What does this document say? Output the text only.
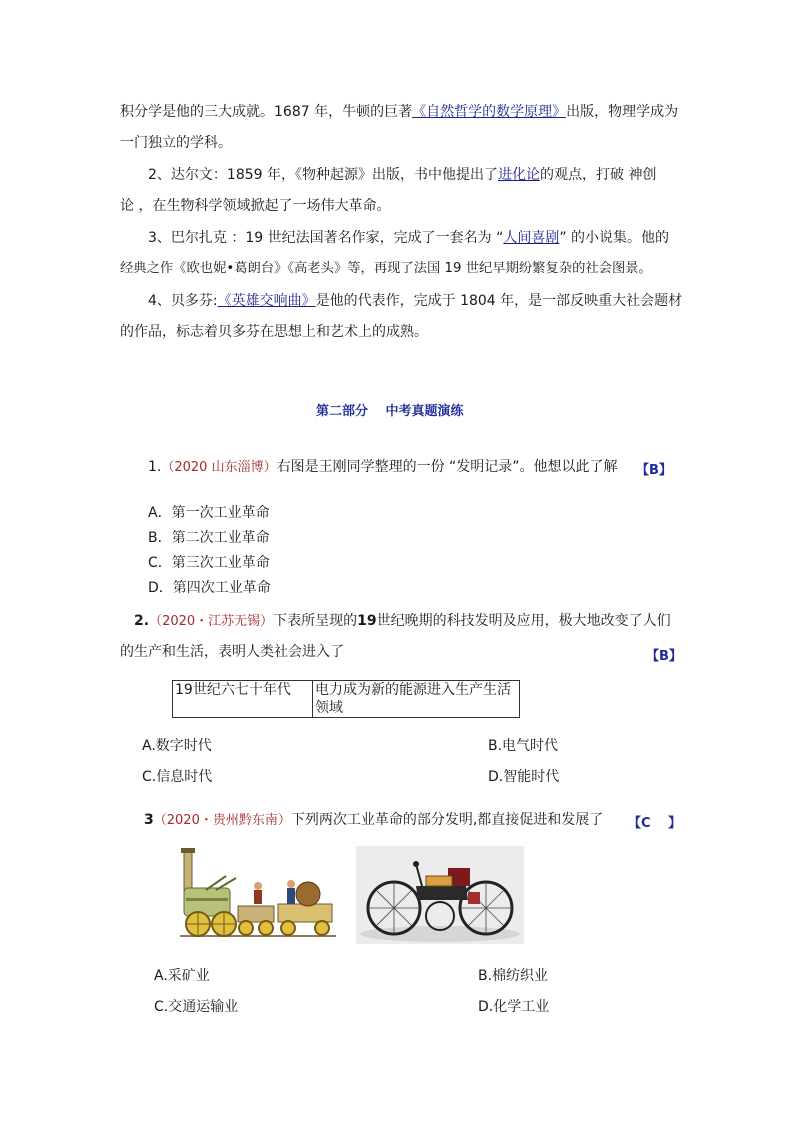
积分学是他的三大成就。1687 年，牛顿的巨著《自然哲学的数学原理》出版，物理学成为
一门独立的学科。
2、达尔文：1859 年，《物种起源》出版，书中他提出了进化论的观点，打破 神创
论 ，在生物科学领域掀起了一场伟大革命。
3、巴尔扎克 ：19 世纪法国著名作家，完成了一套名为 “人间喜剧” 的小说集。他的
经典之作《欧也妮•葛朗台》《高老头》等，再现了法国 19 世纪早期纷繁复杂的社会图景。
4、贝多芬:《英雄交响曲》是他的代表作，完成于 1804 年，是一部反映重大社会题材
的作品，标志着贝多芬在思想上和艺术上的成熟。
第二部分　 中考真题演练
1.（2020 山东淄博）右图是王刚同学整理的一份 “发明记录”。他想以此了解 【B】
A．第一次工业革命
B．第二次工业革命
C．第三次工业革命
D．第四次工业革命
2.（2020・江苏无锡）下表所呈现的19世纪晚期的科技发明及应用，极大地改变了人们
的生产和生活，表明人类社会进入了	【B】
19世纪六七十年代	电力成为新的能源进入生产生活领域
A.数字时代	B.电气时代
C.信息时代	D.智能时代
3（2020・贵州黔东南）下列两次工业革命的部分发明,都直接促进和发展了 【C　 】
A.采矿业	B.棉纺织业
C.交通运输业	D.化学工业
